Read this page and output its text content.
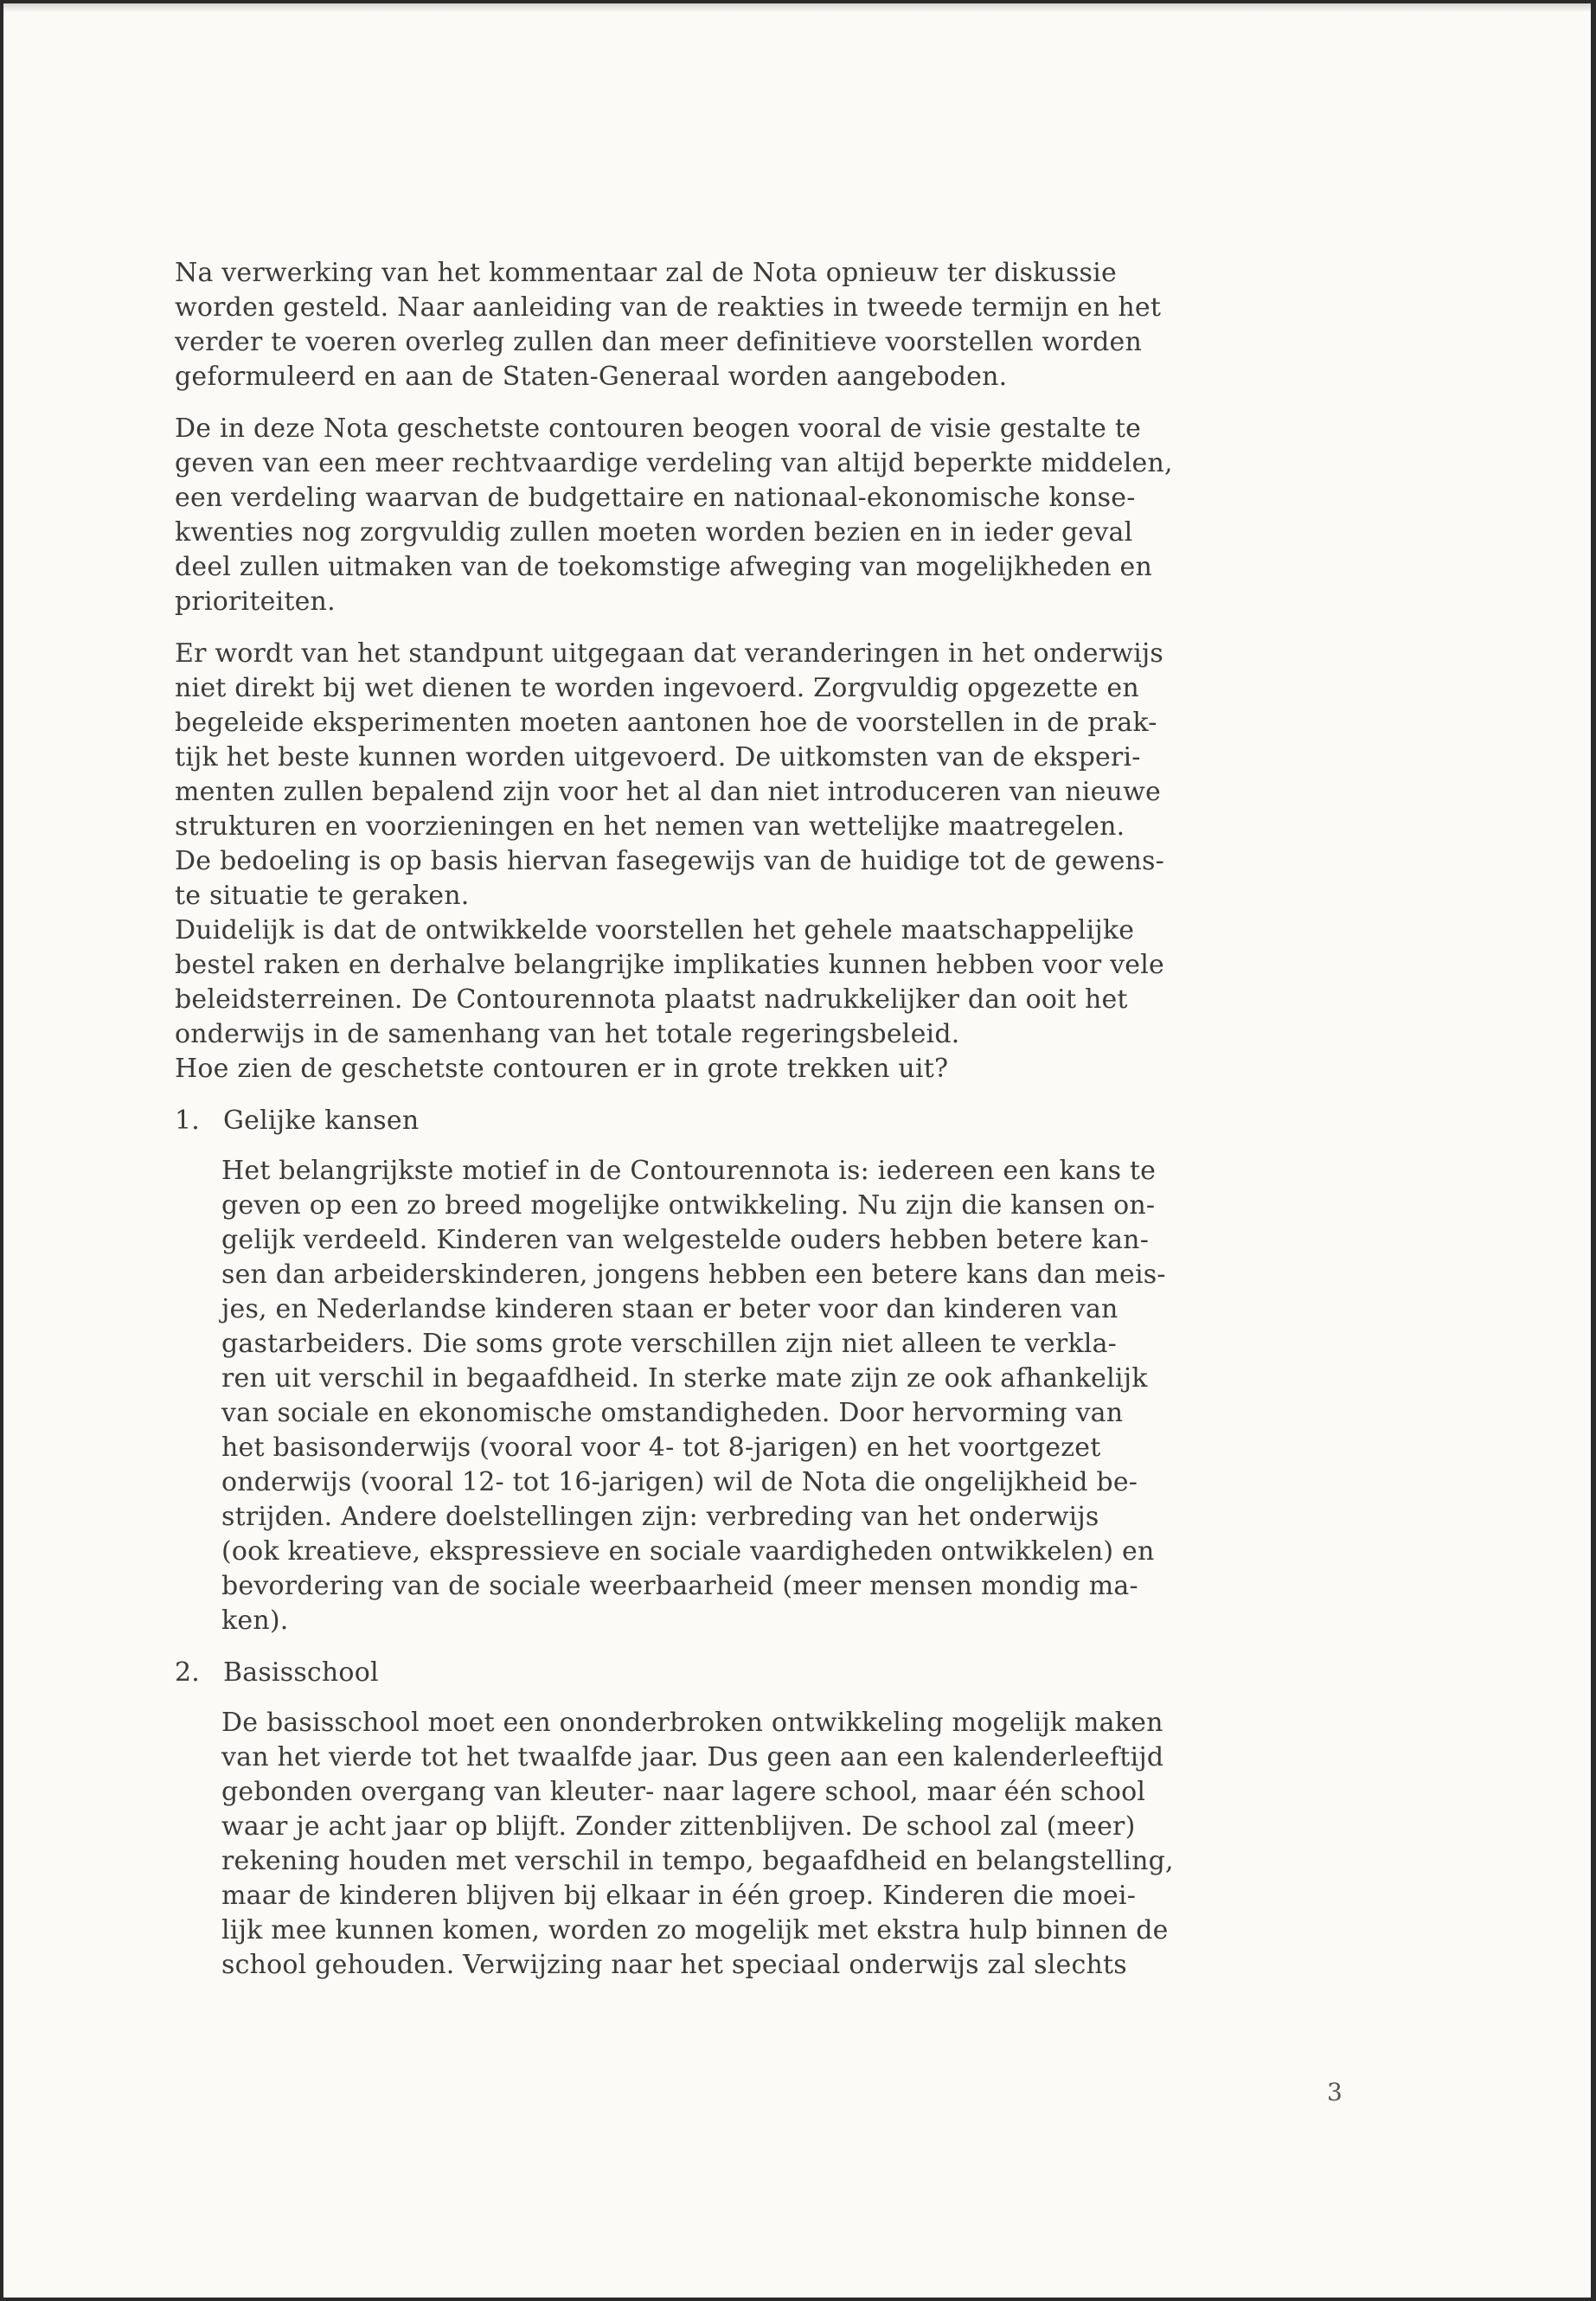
Na verwerking van het kommentaar zal de Nota opnieuw ter diskussie
worden gesteld. Naar aanleiding van de reakties in tweede termijn en het
verder te voeren overleg zullen dan meer definitieve voorstellen worden
geformuleerd en aan de Staten-Generaal worden aangeboden.
De in deze Nota geschetste contouren beogen vooral de visie gestalte te
geven van een meer rechtvaardige verdeling van altijd beperkte middelen,
een verdeling waarvan de budgettaire en nationaal-ekonomische konse-
kwenties nog zorgvuldig zullen moeten worden bezien en in ieder geval
deel zullen uitmaken van de toekomstige afweging van mogelijkheden en
prioriteiten.
Er wordt van het standpunt uitgegaan dat veranderingen in het onderwijs
niet direkt bij wet dienen te worden ingevoerd. Zorgvuldig opgezette en
begeleide eksperimenten moeten aantonen hoe de voorstellen in de prak-
tijk het beste kunnen worden uitgevoerd. De uitkomsten van de eksperi-
menten zullen bepalend zijn voor het al dan niet introduceren van nieuwe
strukturen en voorzieningen en het nemen van wettelijke maatregelen.
De bedoeling is op basis hiervan fasegewijs van de huidige tot de gewens-
te situatie te geraken.
Duidelijk is dat de ontwikkelde voorstellen het gehele maatschappelijke
bestel raken en derhalve belangrijke implikaties kunnen hebben voor vele
beleidsterreinen. De Contourennota plaatst nadrukkelijker dan ooit het
onderwijs in de samenhang van het totale regeringsbeleid.
Hoe zien de geschetste contouren er in grote trekken uit?
1. Gelijke kansen
Het belangrijkste motief in de Contourennota is: iedereen een kans te
geven op een zo breed mogelijke ontwikkeling. Nu zijn die kansen on-
gelijk verdeeld. Kinderen van welgestelde ouders hebben betere kan-
sen dan arbeiderskinderen, jongens hebben een betere kans dan meis-
jes, en Nederlandse kinderen staan er beter voor dan kinderen van
gastarbeiders. Die soms grote verschillen zijn niet alleen te verkla-
ren uit verschil in begaafdheid. In sterke mate zijn ze ook afhankelijk
van sociale en ekonomische omstandigheden. Door hervorming van
het basisonderwijs (vooral voor 4- tot 8-jarigen) en het voortgezet
onderwijs (vooral 12- tot 16-jarigen) wil de Nota die ongelijkheid be-
strijden. Andere doelstellingen zijn: verbreding van het onderwijs
(ook kreatieve, ekspressieve en sociale vaardigheden ontwikkelen) en
bevordering van de sociale weerbaarheid (meer mensen mondig ma-
ken).
2. Basisschool
De basisschool moet een ononderbroken ontwikkeling mogelijk maken
van het vierde tot het twaalfde jaar. Dus geen aan een kalenderleeftijd
gebonden overgang van kleuter- naar lagere school, maar één school
waar je acht jaar op blijft. Zonder zittenblijven. De school zal (meer)
rekening houden met verschil in tempo, begaafdheid en belangstelling,
maar de kinderen blijven bij elkaar in één groep. Kinderen die moei-
lijk mee kunnen komen, worden zo mogelijk met ekstra hulp binnen de
school gehouden. Verwijzing naar het speciaal onderwijs zal slechts
3
